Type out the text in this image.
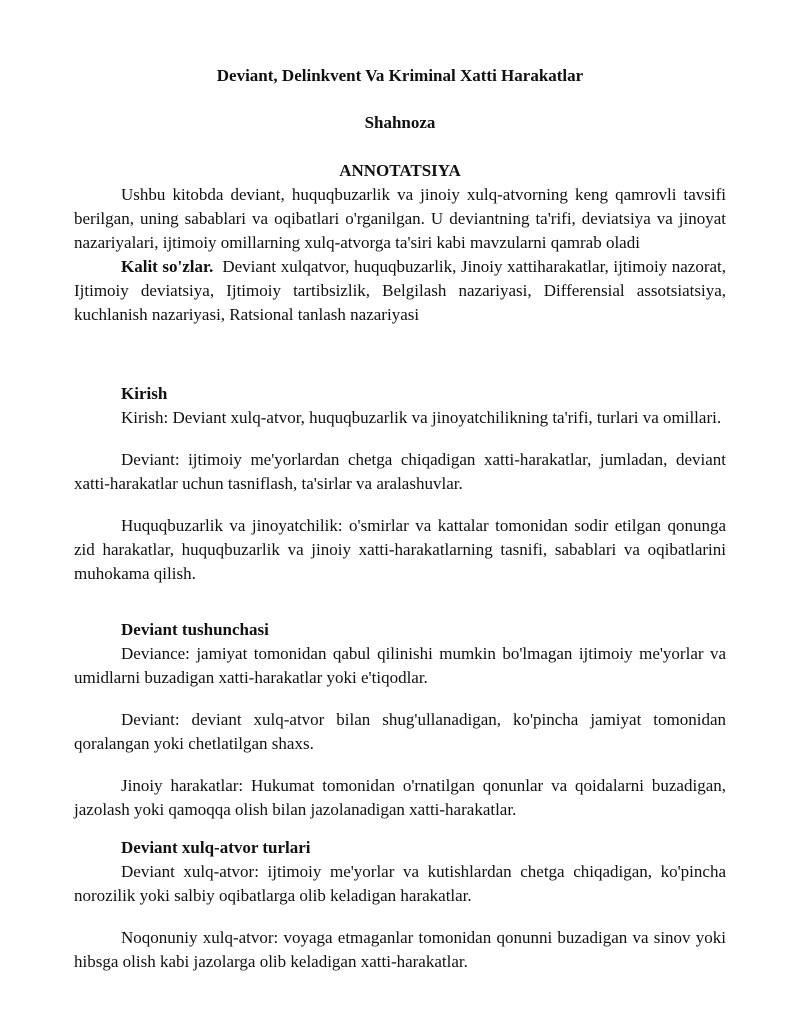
Deviant, Delinkvent Va Kriminal Xatti Harakatlar
Shahnoza
ANNOTATSIYA

Ushbu kitobda deviant, huquqbuzarlik va jinoiy xulq-atvorning keng qamrovli tavsifi berilgan, uning sabablari va oqibatlari o'rganilgan. U deviantning ta'rifi, deviatsiya va jinoyat nazariyalari, ijtimoiy omillarning xulq-atvorga ta'siri kabi mavzularni qamrab oladi

Kalit so'zlar. Deviant xulqatvor, huquqbuzarlik, Jinoiy xattiharakatlar, ijtimoiy nazorat, Ijtimoiy deviatsiya, Ijtimoiy tartibsizlik, Belgilash nazariyasi, Differensial assotsiatsiya, kuchlanish nazariyasi, Ratsional tanlash nazariyasi

Kirish

Kirish: Deviant xulq-atvor, huquqbuzarlik va jinoyatchilikning ta'rifi, turlari va omillari.

Deviant: ijtimoiy me'yorlardan chetga chiqadigan xatti-harakatlar, jumladan, deviant xatti-harakatlar uchun tasniflash, ta'sirlar va aralashuvlar.

Huquqbuzarlik va jinoyatchilik: o'smirlar va kattalar tomonidan sodir etilgan qonunga zid harakatlar, huquqbuzarlik va jinoiy xatti-harakatlarning tasnifi, sabablari va oqibatlarini muhokama qilish.

Deviant tushunchasi

Deviance: jamiyat tomonidan qabul qilinishi mumkin bo'lmagan ijtimoiy me'yorlar va umidlarni buzadigan xatti-harakatlar yoki e'tiqodlar.

Deviant: deviant xulq-atvor bilan shug'ullanadigan, ko'pincha jamiyat tomonidan qoralangan yoki chetlatilgan shaxs.

Jinoiy harakatlar: Hukumat tomonidan o'rnatilgan qonunlar va qoidalarni buzadigan, jazolash yoki qamoqqa olish bilan jazolanadigan xatti-harakatlar.

Deviant xulq-atvor turlari

Deviant xulq-atvor: ijtimoiy me'yorlar va kutishlardan chetga chiqadigan, ko'pincha norozilik yoki salbiy oqibatlarga olib keladigan harakatlar.

Noqonuniy xulq-atvor: voyaga etmaganlar tomonidan qonunni buzadigan va sinov yoki hibsga olish kabi jazolarga olib keladigan xatti-harakatlar.
